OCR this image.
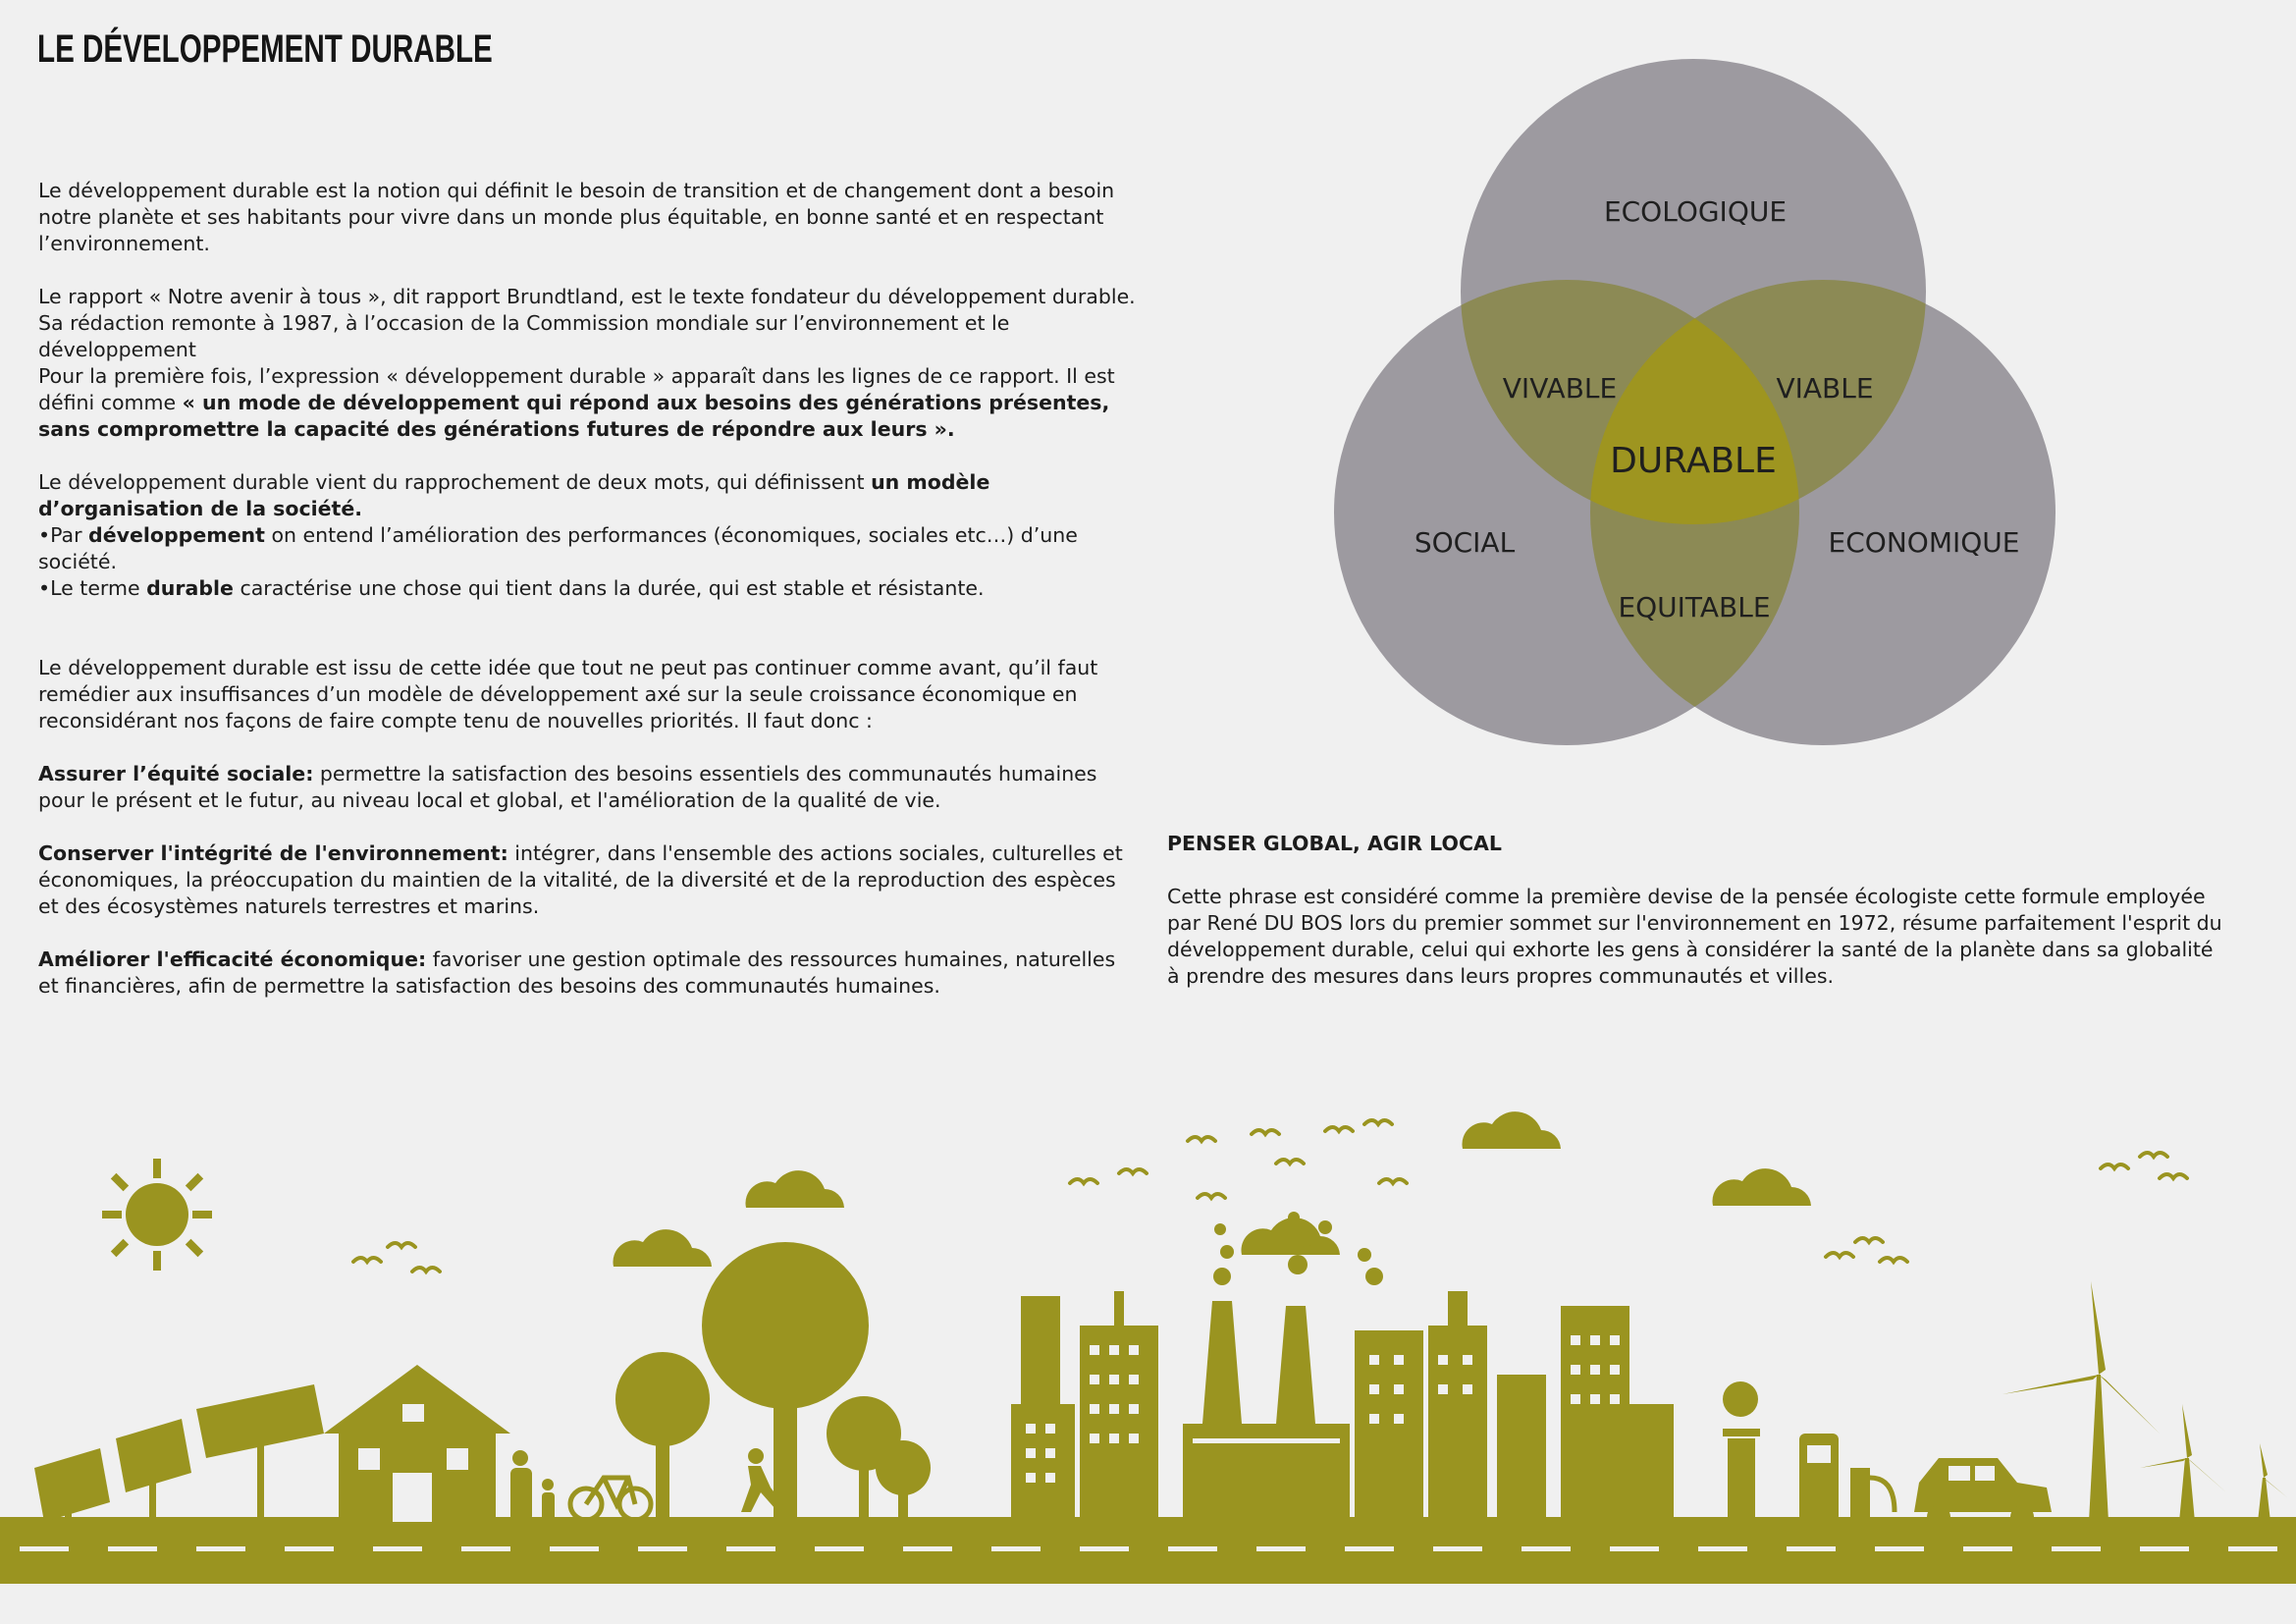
LE DÉVELOPPEMENT DURABLE

Le développement durable est la notion qui définit le besoin de transition et de changement dont a besoin notre planète et ses habitants pour vivre dans un monde plus équitable, en bonne santé et en respectant l’environnement.

Le rapport « Notre avenir à tous », dit rapport Brundtland, est le texte fondateur du développement durable. Sa rédaction remonte à 1987, à l’occasion de la Commission mondiale sur l’environnement et le développement

Pour la première fois, l’expression « développement durable » apparaît dans les lignes de ce rapport. Il est défini comme « un mode de développement qui répond aux besoins des générations présentes, sans compromettre la capacité des générations futures de répondre aux leurs ».

Le développement durable vient du rapprochement de deux mots, qui définissent un modèle d’organisation de la société.

•Par développement on entend l’amélioration des performances (économiques, sociales etc…) d’une société.

•Le terme durable caractérise une chose qui tient dans la durée, qui est stable et résistante.

Le développement durable est issu de cette idée que tout ne peut pas continuer comme avant, qu’il faut remédier aux insuffisances d’un modèle de développement axé sur la seule croissance économique en reconsidérant nos façons de faire compte tenu de nouvelles priorités. Il faut donc :

Assurer l’équité sociale: permettre la satisfaction des besoins essentiels des communautés humaines pour le présent et le futur, au niveau local et global, et l'amélioration de la qualité de vie.

Conserver l'intégrité de l'environnement: intégrer, dans l'ensemble des actions sociales, culturelles et économiques, la préoccupation du maintien de la vitalité, de la diversité et de la reproduction des espèces et des écosystèmes naturels terrestres et marins.

Améliorer l'efficacité économique: favoriser une gestion optimale des ressources humaines, naturelles et financières, afin de permettre la satisfaction des besoins des communautés humaines.

ECOLOGIQUE
VIVABLE	VIABLE
DURABLE
SOCIAL	ECONOMIQUE
EQUITABLE
PENSER GLOBAL, AGIR LOCAL

Cette phrase est considéré comme la première devise de la pensée écologiste cette formule employée par René DU BOS lors du premier sommet sur l'environnement en 1972, résume parfaitement l'esprit du développement durable, celui qui exhorte les gens à considérer la santé de la planète dans sa globalité à prendre des mesures dans leurs propres communautés et villes.
